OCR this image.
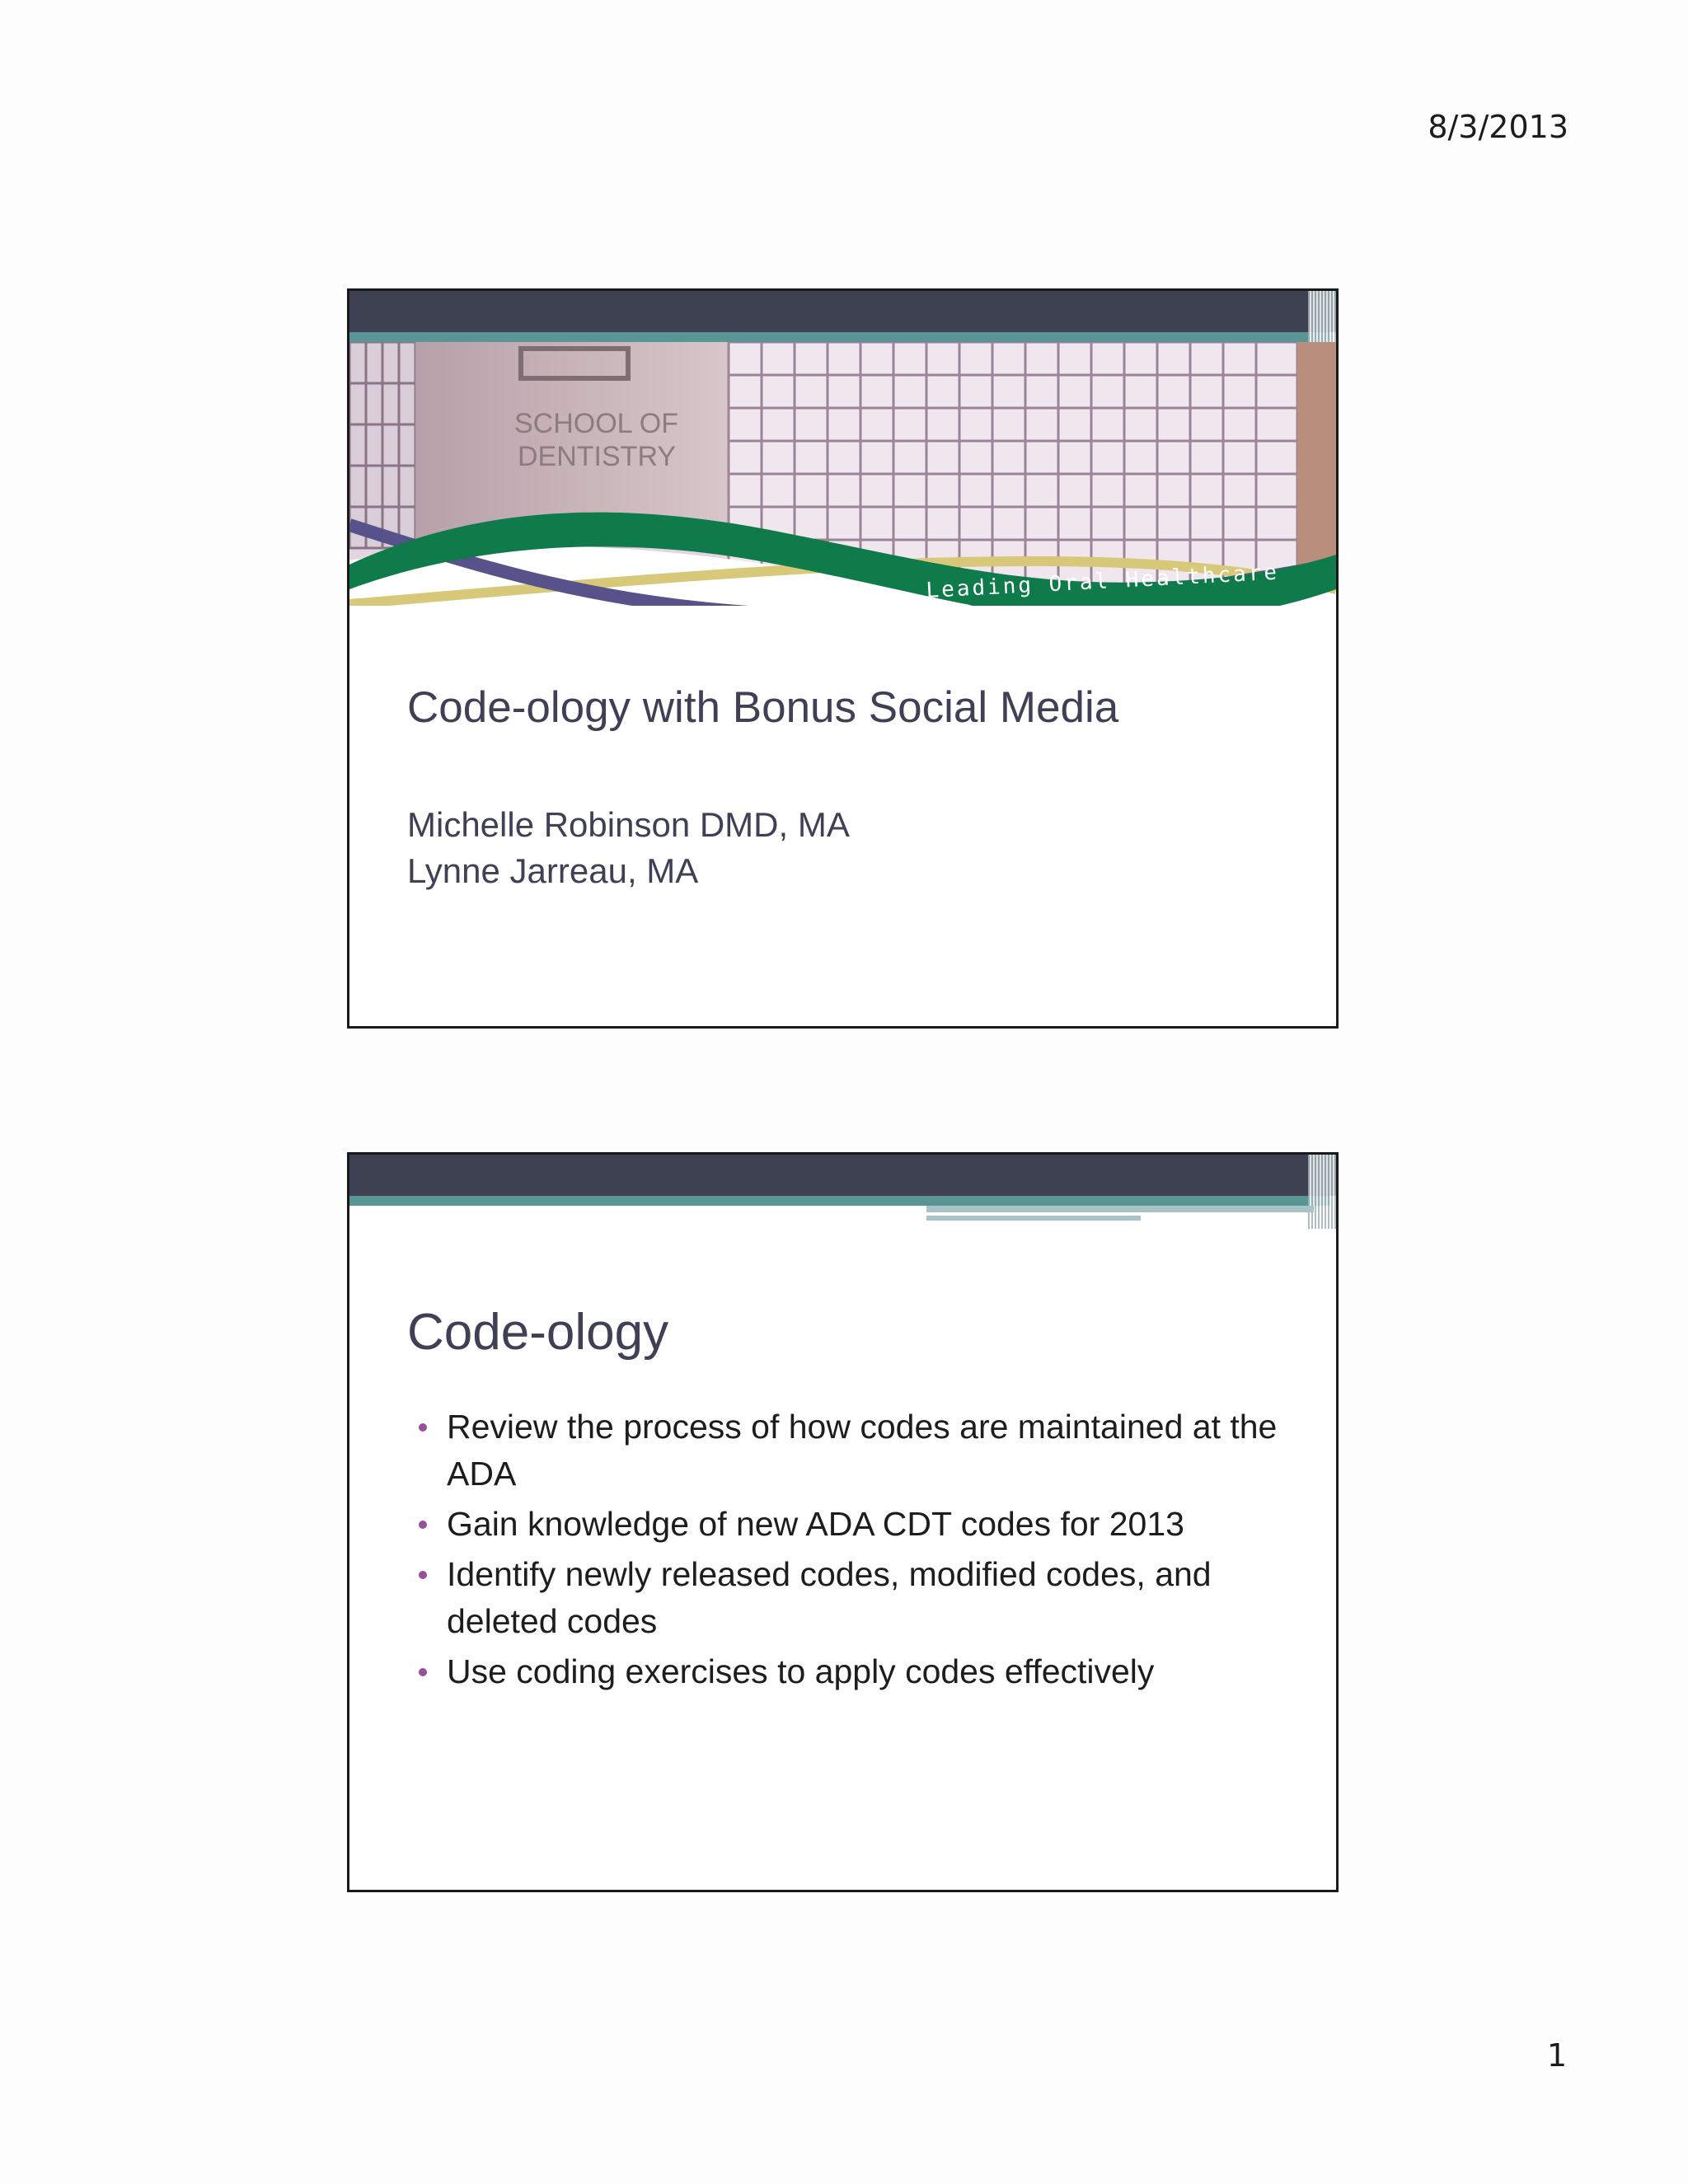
8/3/2013
SCHOOL OF
DENTISTRY
Leading Oral Healthcare
Code-ology with Bonus Social Media
Michelle Robinson DMD, MA
Lynne Jarreau, MA
Code-ology
Review the process of how codes are maintained at the ADA
Gain knowledge of new ADA CDT codes for 2013
Identify newly released codes, modified codes, and deleted codes
Use coding exercises to apply codes effectively
1
